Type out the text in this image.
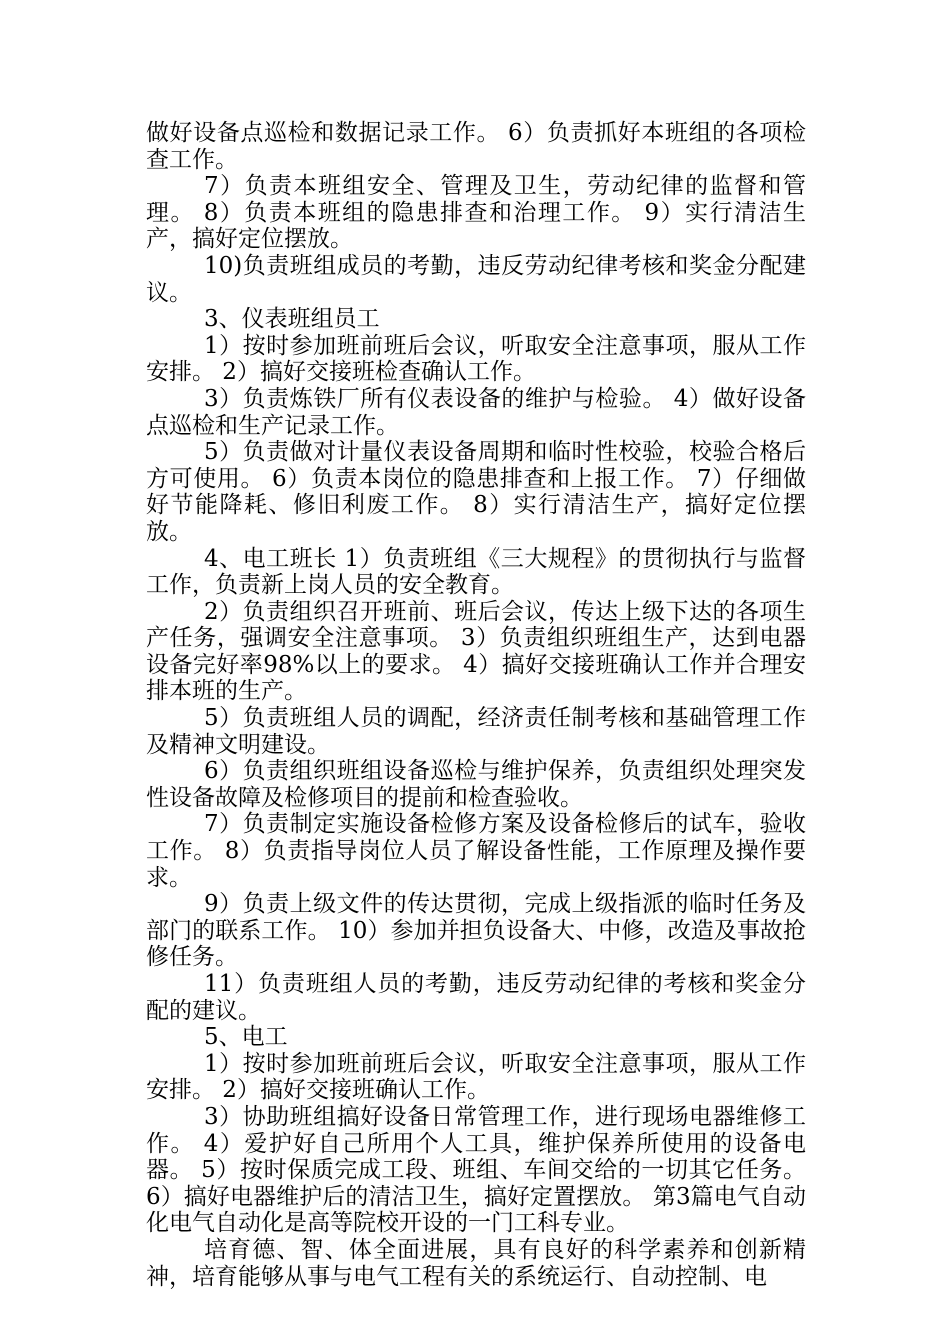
做好设备点巡检和数据记录工作。 6）负责抓好本班组的各项检查工作。

7）负责本班组安全、管理及卫生，劳动纪律的监督和管理。 8）负责本班组的隐患排查和治理工作。 9）实行清洁生产，搞好定位摆放。

10)负责班组成员的考勤，违反劳动纪律考核和奖金分配建议。

3、仪表班组员工

1）按时参加班前班后会议，听取安全注意事项，服从工作安排。 2）搞好交接班检查确认工作。

3）负责炼铁厂所有仪表设备的维护与检验。 4）做好设备点巡检和生产记录工作。

5）负责做对计量仪表设备周期和临时性校验，校验合格后方可使用。 6）负责本岗位的隐患排查和上报工作。 7）仔细做好节能降耗、修旧利废工作。 8）实行清洁生产，搞好定位摆放。

4、电工班长 1）负责班组《三大规程》的贯彻执行与监督工作，负责新上岗人员的安全教育。

2）负责组织召开班前、班后会议，传达上级下达的各项生产任务，强调安全注意事项。 3）负责组织班组生产，达到电器设备完好率98%以上的要求。 4）搞好交接班确认工作并合理安排本班的生产。

5）负责班组人员的调配，经济责任制考核和基础管理工作及精神文明建设。

6）负责组织班组设备巡检与维护保养，负责组织处理突发性设备故障及检修项目的提前和检查验收。

7）负责制定实施设备检修方案及设备检修后的试车，验收工作。 8）负责指导岗位人员了解设备性能，工作原理及操作要求。

9）负责上级文件的传达贯彻，完成上级指派的临时任务及部门的联系工作。 10）参加并担负设备大、中修，改造及事故抢修任务。

11）负责班组人员的考勤，违反劳动纪律的考核和奖金分配的建议。

5、电工

1）按时参加班前班后会议，听取安全注意事项，服从工作安排。 2）搞好交接班确认工作。

3）协助班组搞好设备日常管理工作，进行现场电器维修工作。 4）爱护好自己所用个人工具，维护保养所使用的设备电器。 5）按时保质完成工段、班组、车间交给的一切其它任务。 6）搞好电器维护后的清洁卫生，搞好定置摆放。 第3篇电气自动化电气自动化是高等院校开设的一门工科专业。

培育德、智、体全面进展，具有良好的科学素养和创新精神，培育能够从事与电气工程有关的系统运行、自动控制、电
